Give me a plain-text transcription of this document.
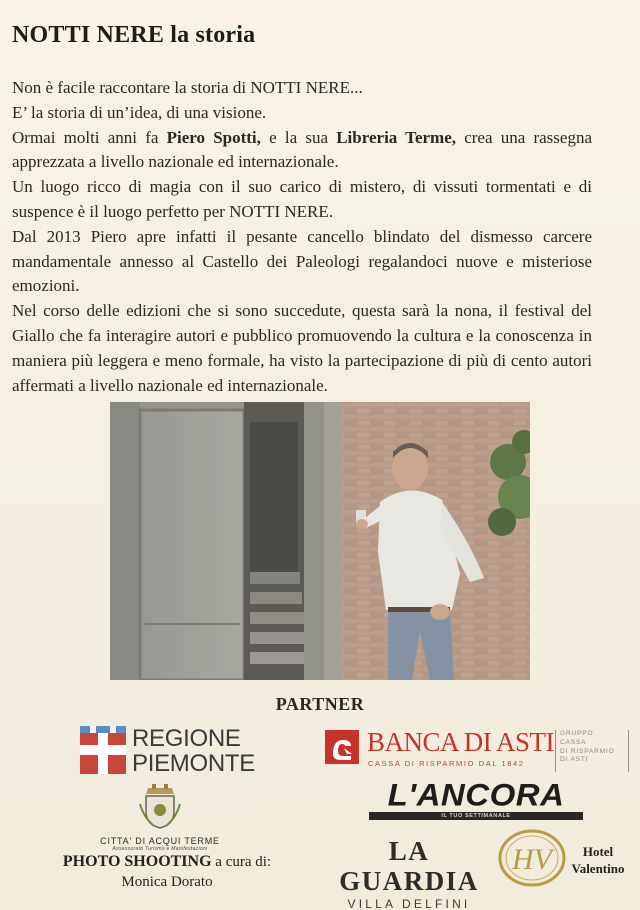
NOTTI NERE la storia

Non è facile raccontare la storia di NOTTI NERE...

E’ la storia di un’idea, di una visione.

Ormai molti anni fa Piero Spotti, e la sua Libreria Terme, crea una rassegna apprezzata a livello nazionale ed internazionale.

Un luogo ricco di magia con il suo carico di mistero, di vissuti tormentati e di suspence è il luogo perfetto per NOTTI NERE.

Dal 2013 Piero apre infatti il pesante cancello blindato del dismesso carcere mandamentale annesso al Castello dei Paleologi regalandoci nuove e misteriose emozioni.

Nel corso delle edizioni che si sono succedute, questa sarà la nona, il festival del Giallo che fa interagire autori e pubblico promuovendo la cultura e la conoscenza in maniera più leggera e meno formale, ha visto la partecipazione di più di cento autori affermati a livello nazionale ed internazionale.

PARTNER
REGIONE
PIEMONTE
BANCA DI ASTI
CASSA DI RISPARMIO DAL 1842
GRUPPO
CASSA
DI RISPARMIO
DI ASTI
L'ANCORA
IL TUO SETTIMANALE
CITTA' DI ACQUI TERME
Assessorato Turismo e Manifestazioni
PHOTO SHOOTING a cura di:
Monica Dorato
LA GUARDIA
VILLA DELFINI
HV	Hotel
Valentino
